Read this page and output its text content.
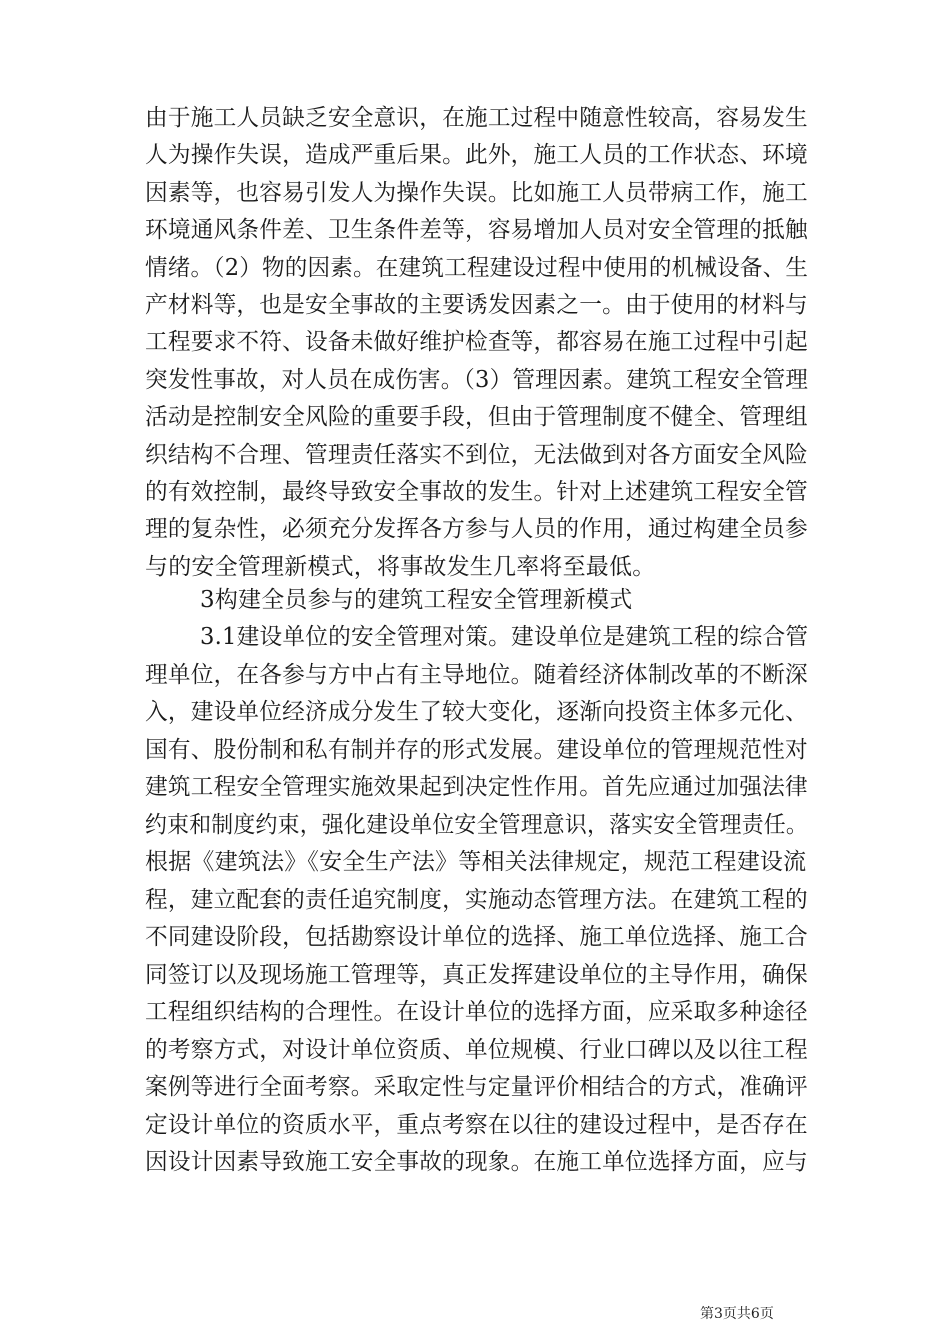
由于施工人员缺乏安全意识，在施工过程中随意性较高，容易发生
人为操作失误，造成严重后果。此外，施工人员的工作状态、环境
因素等，也容易引发人为操作失误。比如施工人员带病工作，施工
环境通风条件差、卫生条件差等，容易增加人员对安全管理的抵触
情绪。（2）物的因素。在建筑工程建设过程中使用的机械设备、生
产材料等，也是安全事故的主要诱发因素之一。由于使用的材料与
工程要求不符、设备未做好维护检查等，都容易在施工过程中引起
突发性事故，对人员在成伤害。（3）管理因素。建筑工程安全管理
活动是控制安全风险的重要手段，但由于管理制度不健全、管理组
织结构不合理、管理责任落实不到位，无法做到对各方面安全风险
的有效控制，最终导致安全事故的发生。针对上述建筑工程安全管
理的复杂性，必须充分发挥各方参与人员的作用，通过构建全员参
与的安全管理新模式，将事故发生几率将至最低。
3构建全员参与的建筑工程安全管理新模式
3.1建设单位的安全管理对策。建设单位是建筑工程的综合管
理单位，在各参与方中占有主导地位。随着经济体制改革的不断深
入，建设单位经济成分发生了较大变化，逐渐向投资主体多元化、
国有、股份制和私有制并存的形式发展。建设单位的管理规范性对
建筑工程安全管理实施效果起到决定性作用。首先应通过加强法律
约束和制度约束，强化建设单位安全管理意识，落实安全管理责任。
根据《建筑法》《安全生产法》等相关法律规定，规范工程建设流
程，建立配套的责任追究制度，实施动态管理方法。在建筑工程的
不同建设阶段，包括勘察设计单位的选择、施工单位选择、施工合
同签订以及现场施工管理等，真正发挥建设单位的主导作用，确保
工程组织结构的合理性。在设计单位的选择方面，应采取多种途径
的考察方式，对设计单位资质、单位规模、行业口碑以及以往工程
案例等进行全面考察。采取定性与定量评价相结合的方式，准确评
定设计单位的资质水平，重点考察在以往的建设过程中，是否存在
因设计因素导致施工安全事故的现象。在施工单位选择方面，应与
第3页共6页
